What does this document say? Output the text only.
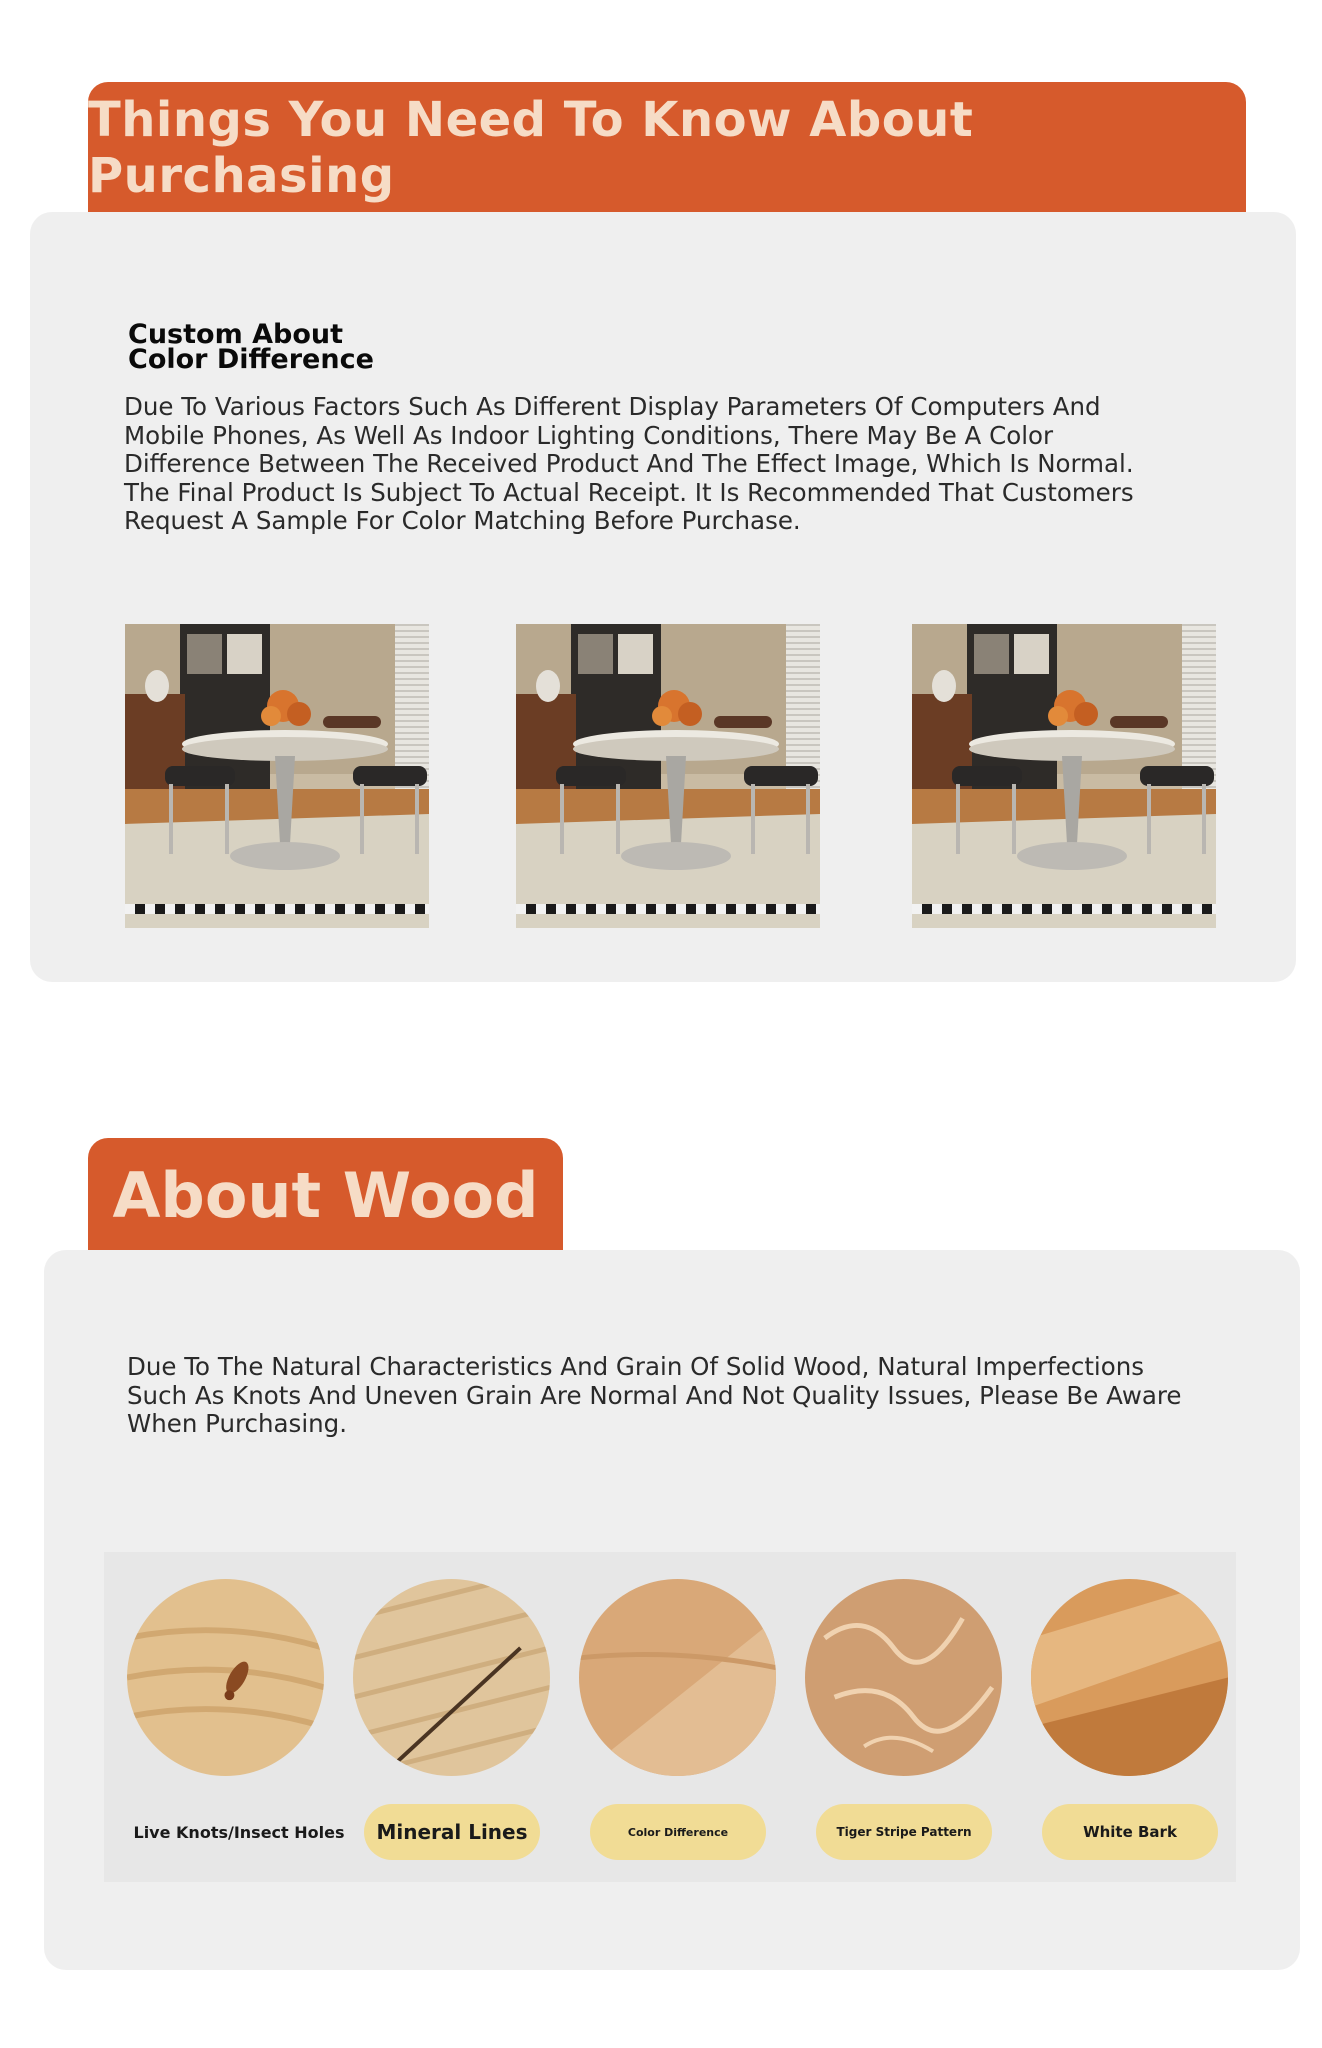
Things You Need To Know About Purchasing
Custom About Color Difference
Due To Various Factors Such As Different Display Parameters Of Computers And Mobile Phones, As Well As Indoor Lighting Conditions, There May Be A Color Difference Between The Received Product And The Effect Image, Which Is Normal. The Final Product Is Subject To Actual Receipt. It Is Recommended That Customers Request A Sample For Color Matching Before Purchase.
About Wood
Due To The Natural Characteristics And Grain Of Solid Wood, Natural Imperfections Such As Knots And Uneven Grain Are Normal And Not Quality Issues, Please Be Aware When Purchasing.
Live Knots/Insect Holes	Mineral Lines	Color Difference	Tiger Stripe Pattern	White Bark
